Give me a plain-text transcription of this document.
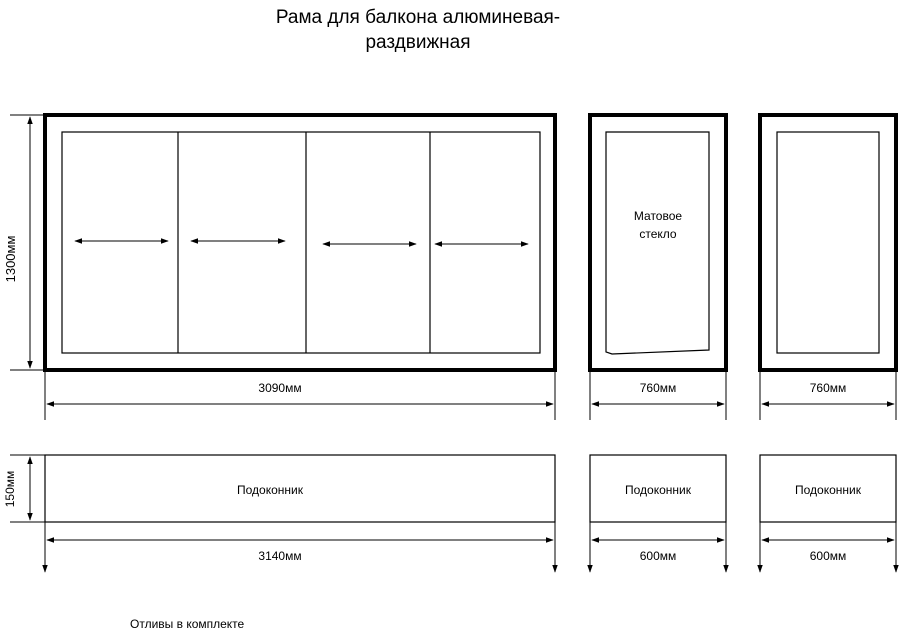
Рама для балкона алюминевая-
раздвижная
1300мм
3090мм
Матовое
стекло
760мм	760мм
Подоконник
150мм
3140мм
Подоконник
600мм
Подоконник
600мм
Отливы в комплекте
